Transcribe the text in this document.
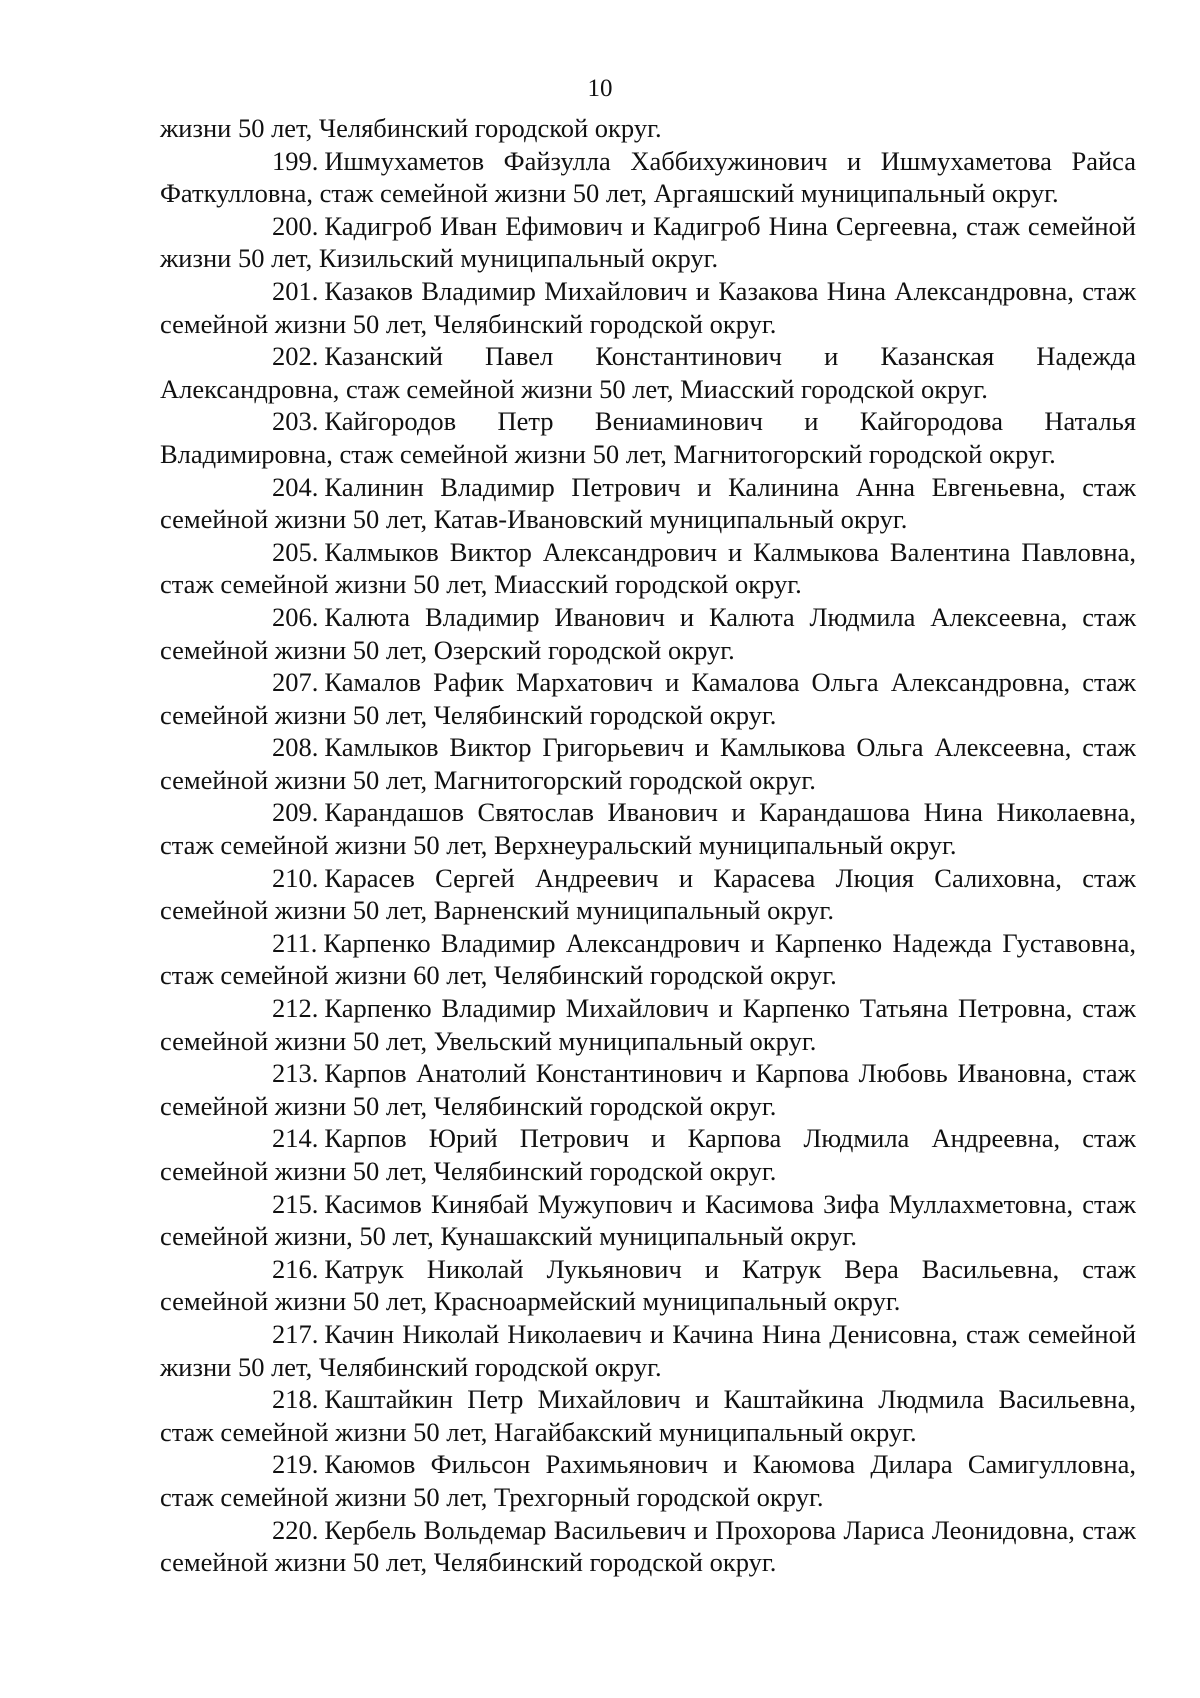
10

жизни 50 лет, Челябинский городской округ.

199. Ишмухаметов Файзулла Хаббихужинович и Ишмухаметова Райса Фаткулловна, стаж семейной жизни 50 лет, Аргаяшский муниципальный округ.

200. Кадигроб Иван Ефимович и Кадигроб Нина Сергеевна, стаж семейной жизни 50 лет, Кизильский муниципальный округ.

201. Казаков Владимир Михайлович и Казакова Нина Александровна, стаж семейной жизни 50 лет, Челябинский городской округ.

202. Казанский Павел Константинович и Казанская Надежда Александровна, стаж семейной жизни 50 лет, Миасский городской округ.

203. Кайгородов Петр Вениаминович и Кайгородова Наталья Владимировна, стаж семейной жизни 50 лет, Магнитогорский городской округ.

204. Калинин Владимир Петрович и Калинина Анна Евгеньевна, стаж семейной жизни 50 лет, Катав-Ивановский муниципальный округ.

205. Калмыков Виктор Александрович и Калмыкова Валентина Павловна, стаж семейной жизни 50 лет, Миасский городской округ.

206. Калюта Владимир Иванович и Калюта Людмила Алексеевна, стаж семейной жизни 50 лет, Озерский городской округ.

207. Камалов Рафик Мархатович и Камалова Ольга Александровна, стаж семейной жизни 50 лет, Челябинский городской округ.

208. Камлыков Виктор Григорьевич и Камлыкова Ольга Алексеевна, стаж семейной жизни 50 лет, Магнитогорский городской округ.

209. Карандашов Святослав Иванович и Карандашова Нина Николаевна, стаж семейной жизни 50 лет, Верхнеуральский муниципальный округ.

210. Карасев Сергей Андреевич и Карасева Люция Салиховна, стаж семейной жизни 50 лет, Варненский муниципальный округ.

211. Карпенко Владимир Александрович и Карпенко Надежда Густавовна, стаж семейной жизни 60 лет, Челябинский городской округ.

212. Карпенко Владимир Михайлович и Карпенко Татьяна Петровна, стаж семейной жизни 50 лет, Увельский муниципальный округ.

213. Карпов Анатолий Константинович и Карпова Любовь Ивановна, стаж семейной жизни 50 лет, Челябинский городской округ.

214. Карпов Юрий Петрович и Карпова Людмила Андреевна, стаж семейной жизни 50 лет, Челябинский городской округ.

215. Касимов Кинябай Мужупович и Касимова Зифа Муллахметовна, стаж семейной жизни, 50 лет, Кунашакский муниципальный округ.

216. Катрук Николай Лукьянович и Катрук Вера Васильевна, стаж семейной жизни 50 лет, Красноармейский муниципальный округ.

217. Качин Николай Николаевич и Качина Нина Денисовна, стаж семейной жизни 50 лет, Челябинский городской округ.

218. Каштайкин Петр Михайлович и Каштайкина Людмила Васильевна, стаж семейной жизни 50 лет, Нагайбакский муниципальный округ.

219. Каюмов Фильсон Рахимьянович и Каюмова Дилара Самигулловна, стаж семейной жизни 50 лет, Трехгорный городской округ.

220. Кербель Вольдемар Васильевич и Прохорова Лариса Леонидовна, стаж семейной жизни 50 лет, Челябинский городской округ.
